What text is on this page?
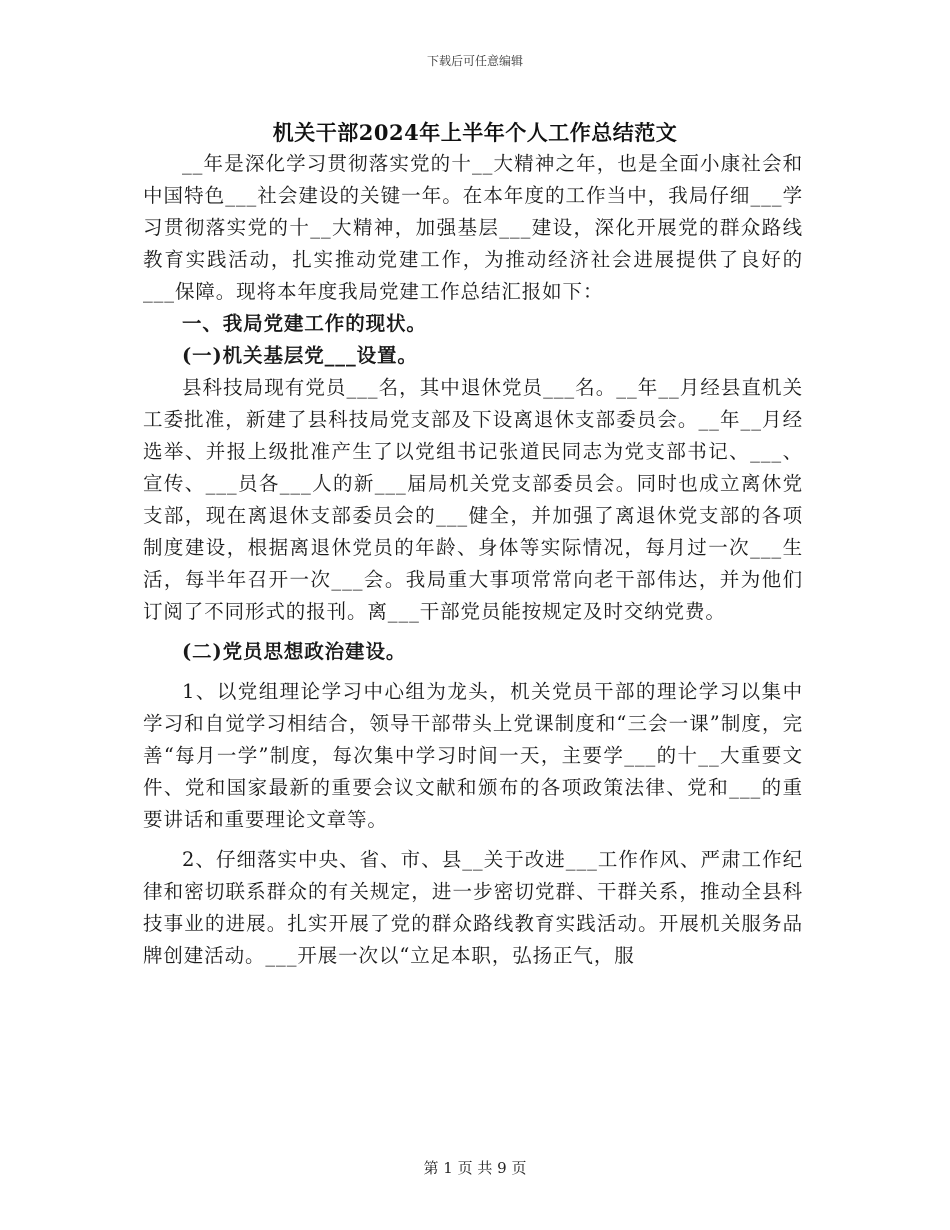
下载后可任意编辑
机关干部2024年上半年个人工作总结范文

__年是深化学习贯彻落实党的十__大精神之年，也是全面小康社会和中国特色___社会建设的关键一年。在本年度的工作当中，我局仔细___学习贯彻落实党的十__大精神，加强基层___建设，深化开展党的群众路线教育实践活动，扎实推动党建工作，为推动经济社会进展提供了良好的___保障。现将本年度我局党建工作总结汇报如下：

一、我局党建工作的现状。

(一)机关基层党___设置。

县科技局现有党员___名，其中退休党员___名。__年__月经县直机关工委批准，新建了县科技局党支部及下设离退休支部委员会。__年__月经选举、并报上级批准产生了以党组书记张道民同志为党支部书记、___、宣传、___员各___人的新___届局机关党支部委员会。同时也成立离休党支部，现在离退休支部委员会的___健全，并加强了离退休党支部的各项制度建设，根据离退休党员的年龄、身体等实际情况，每月过一次___生活，每半年召开一次___会。我局重大事项常常向老干部伟达，并为他们订阅了不同形式的报刊。离___干部党员能按规定及时交纳党费。

(二)党员思想政治建设。

1、以党组理论学习中心组为龙头，机关党员干部的理论学习以集中学习和自觉学习相结合，领导干部带头上党课制度和“三会一课”制度，完善“每月一学”制度，每次集中学习时间一天，主要学___的十__大重要文件、党和国家最新的重要会议文献和颁布的各项政策法律、党和___的重要讲话和重要理论文章等。

2、仔细落实中央、省、市、县__关于改进___工作作风、严肃工作纪律和密切联系群众的有关规定，进一步密切党群、干群关系，推动全县科技事业的进展。扎实开展了党的群众路线教育实践活动。开展机关服务品牌创建活动。___开展一次以“立足本职，弘扬正气，服

第 1 页 共 9 页
